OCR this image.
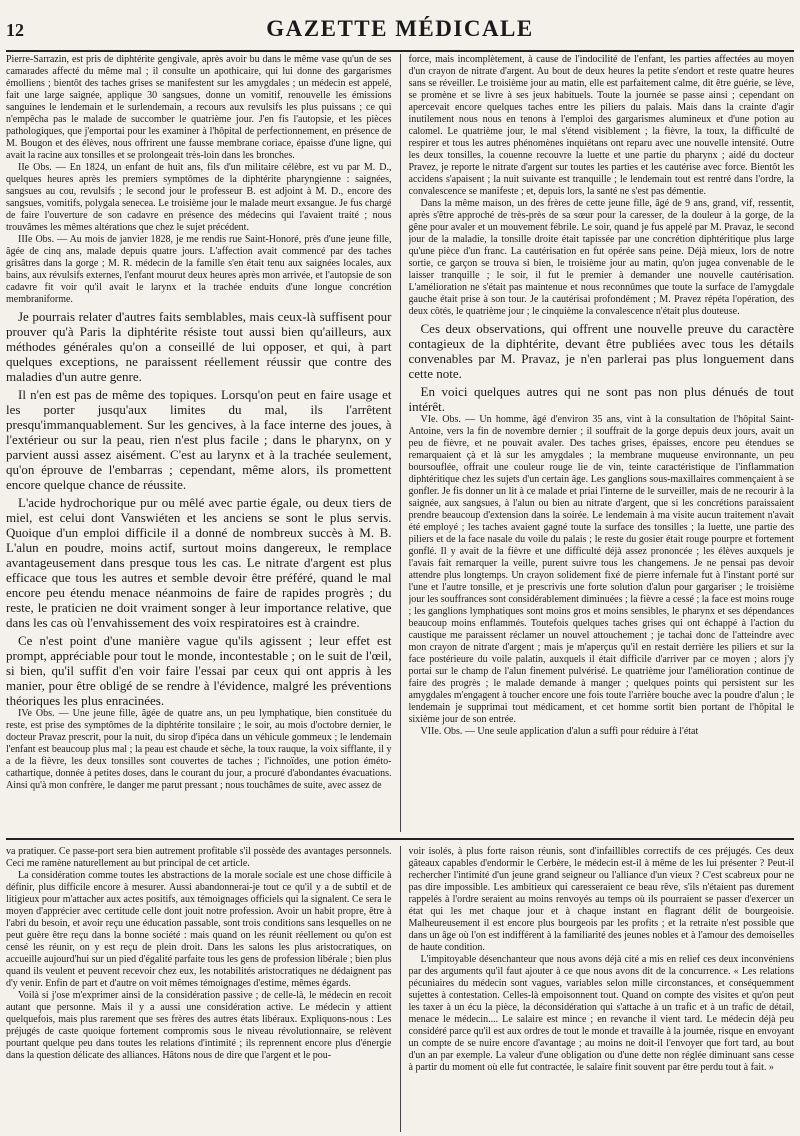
12	GAZETTE MÉDICALE

Pierre-Sarrazin, est pris de diphtérite gengivale, après avoir bu dans le même vase qu'un de ses camarades affecté du même mal ; il consulte un apothicaire, qui lui donne des gargarismes émolliens ; bientôt des taches grises se manifestent sur les amygdales ; un médecin est appelé, fait une large saignée, applique 30 sangsues, donne un vomitif, renouvelle les émissions sanguines le lendemain et le surlendemain, a recours aux revulsifs les plus puissans ; ce qui n'empêcha pas le malade de succomber le quatrième jour. J'en fis l'autopsie, et les pièces pathologiques, que j'emportai pour les examiner à l'hôpital de perfectionnement, en présence de M. Bougon et des élèves, nous offrirent une fausse membrane coriace, épaisse d'une ligne, qui avait la racine aux tonsilles et se prolongeait très-loin dans les bronches.

IIe Obs. — En 1824, un enfant de huit ans, fils d'un militaire célèbre, est vu par M. D., quelques heures après les premiers symptômes de la diphtérite pharyngienne : saignées, sangsues au cou, revulsifs ; le second jour le professeur B. est adjoint à M. D., encore des sangsues, vomitifs, polygala senecea. Le troisième jour le malade meurt exsangue. Je fus chargé de faire l'ouverture de son cadavre en présence des médecins qui l'avaient traité ; nous trouvâmes les mêmes altérations que chez le sujet précédent.

IIIe Obs. — Au mois de janvier 1828, je me rendis rue Saint-Honoré, près d'une jeune fille, âgée de cinq ans, malade depuis quatre jours. L'affection avait commencé par des taches grisâtres dans la gorge ; M. R. médecin de la famille s'en était tenu aux saignées locales, aux bains, aux révulsifs externes, l'enfant mourut deux heures après mon arrivée, et l'autopsie de son cadavre fit voir qu'il avait le larynx et la trachée enduits d'une longue concrétion membraniforme.

Je pourrais relater d'autres faits semblables, mais ceux-là suffisent pour prouver qu'à Paris la diphtérite résiste tout aussi bien qu'ailleurs, aux méthodes générales qu'on a conseillé de lui opposer, et qui, à part quelques exceptions, ne paraissent réellement réussir que contre des maladies d'un autre genre.

Il n'en est pas de même des topiques. Lorsqu'on peut en faire usage et les porter jusqu'aux limites du mal, ils l'arrêtent presqu'immanquablement. Sur les gencives, à la face interne des joues, à l'extérieur ou sur la peau, rien n'est plus facile ; dans le pharynx, on y parvient aussi assez aisément. C'est au larynx et à la trachée seulement, qu'on éprouve de l'embarras ; cependant, même alors, ils promettent encore quelque chance de réussite.

L'acide hydrochorique pur ou mêlé avec partie égale, ou deux tiers de miel, est celui dont Vanswiéten et les anciens se sont le plus servis. Quoique d'un emploi difficile il a donné de nombreux succès à M. B. L'alun en poudre, moins actif, surtout moins dangereux, le remplace avantageusement dans presque tous les cas. Le nitrate d'argent est plus efficace que tous les autres et semble devoir être préféré, quand le mal encore peu étendu menace néanmoins de faire de rapides progrès ; du reste, le praticien ne doit vraiment songer à leur importance relative, que dans les cas où l'envahissement des voix respiratoires est à craindre.

Ce n'est point d'une manière vague qu'ils agissent ; leur effet est prompt, appréciable pour tout le monde, incontestable ; on le suit de l'œil, si bien, qu'il suffit d'en voir faire l'essai par ceux qui ont appris à les manier, pour être obligé de se rendre à l'évidence, malgré les préventions théoriques les plus enracinées.

IVe Obs. — Une jeune fille, âgée de quatre ans, un peu lymphatique, bien constituée du reste, est prise des symptômes de la diphtérite tonsilaire ; le soir, au mois d'octobre dernier, le docteur Pravaz prescrit, pour la nuit, du sirop d'ipéca dans un véhicule gommeux ; le lendemain l'enfant est beaucoup plus mal ; la peau est chaude et sèche, la toux rauque, la voix sifflante, il y a de la fièvre, les deux tonsilles sont couvertes de taches ; l'ichnoïdes, une potion éméto-cathartique, donnée à petites doses, dans le courant du jour, a procuré d'abondantes évacuations. Ainsi qu'à mon confrère, le danger me parut pressant ; nous touchâmes de suite, avec assez de

force, mais incomplètement, à cause de l'indocilité de l'enfant, les parties affectées au moyen d'un crayon de nitrate d'argent. Au bout de deux heures la petite s'endort et reste quatre heures sans se réveiller. Le troisième jour au matin, elle est parfaitement calme, dit être guérie, se lève, se promène et se livre à ses jeux habituels. Toute la journée se passe ainsi ; cependant on apercevait encore quelques taches entre les piliers du palais. Mais dans la crainte d'agir inutilement nous nous en tenons à l'emploi des gargarismes alumineux et d'une potion au calomel. Le quatrième jour, le mal s'étend visiblement ; la fièvre, la toux, la difficulté de respirer et tous les autres phénomènes inquiétans ont reparu avec une nouvelle intensité. Outre les deux tonsilles, la couenne recouvre la luette et une partie du pharynx ; aidé du docteur Pravez, je reporte le nitrate d'argent sur toutes les parties et les cautérise avec force. Bientôt les accidens s'apaisent ; la nuit suivante est tranquille ; le lendemain tout est rentré dans l'ordre, la convalescence se manifeste ; et, depuis lors, la santé ne s'est pas démentie.

Dans la même maison, un des frères de cette jeune fille, âgé de 9 ans, grand, vif, ressentit, après s'être approché de très-près de sa sœur pour la caresser, de la douleur à la gorge, de la gêne pour avaler et un mouvement fébrile. Le soir, quand je fus appelé par M. Pravaz, le second jour de la maladie, la tonsille droite était tapissée par une concrétion diphtéritique plus large qu'une pièce d'un franc. La cautérisation en fut opérée sans peine. Déjà mieux, lors de notre sortie, ce garçon se trouva si bien, le troisième jour au matin, qu'on jugea convenable de le laisser tranquille ; le soir, il fut le premier à demander une nouvelle cautérisation. L'amélioration ne s'était pas maintenue et nous reconnûmes que toute la surface de l'amygdale gauche était prise à son tour. Je la cautérisai profondément ; M. Pravez répéta l'opération, des deux côtés, le quatrième jour ; le cinquième la convalescence n'était plus douteuse.

Ces deux observations, qui offrent une nouvelle preuve du caractère contagieux de la diphtérite, devant être publiées avec tous les détails convenables par M. Pravaz, je n'en parlerai pas plus longuement dans cette note.

En voici quelques autres qui ne sont pas non plus dénués de tout intérêt.

VIe. Obs. — Un homme, âgé d'environ 35 ans, vint à la consultation de l'hôpital Saint-Antoine, vers la fin de novembre dernier ; il souffrait de la gorge depuis deux jours, avait un peu de fièvre, et ne pouvait avaler. Des taches grises, épaisses, encore peu étendues se remarquaient çà et là sur les amygdales ; la membrane muqueuse environnante, un peu boursouflée, offrait une couleur rouge lie de vin, teinte caractéristique de l'inflammation diphtéritique chez les sujets d'un certain âge. Les ganglions sous-maxillaires commençaient à se gonfler. Je fis donner un lit à ce malade et priai l'interne de le surveiller, mais de ne recourir à la saignée, aux sangsues, à l'alun ou bien au nitrate d'argent, que si les concrétions paraissaient prendre beaucoup d'extension dans la soirée. Le lendemain à ma visite aucun traitement n'avait été employé ; les taches avaient gagné toute la surface des tonsilles ; la luette, une partie des piliers et de la face nasale du voile du palais ; le reste du gosier était rouge pourpre et fortement gonflé. Il y avait de la fièvre et une difficulté déjà assez prononcée ; les élèves auxquels je l'avais fait remarquer la veille, purent suivre tous les changemens. Je ne pensai pas devoir attendre plus longtemps. Un crayon solidement fixé de pierre infernale fut à l'instant porté sur l'une et l'autre tonsille, et je prescrivis une forte solution d'alun pour gargariser ; le troisième jour les souffrances sont considérablement diminuées ; la fièvre a cessé ; la face est moins rouge ; les ganglions lymphatiques sont moins gros et moins sensibles, le pharynx et ses dépendances beaucoup moins enflammés. Toutefois quelques taches grises qui ont échappé à l'action du caustique me paraissent réclamer un nouvel attouchement ; je tachai donc de l'atteindre avec mon crayon de nitrate d'argent ; mais je m'aperçus qu'il en restait derrière les piliers et sur la face postérieure du voile palatin, auxquels il était difficile d'arriver par ce moyen ; alors j'y portai sur le champ de l'alun finement pulvérisé. Le quatrième jour l'amélioration continue de faire des progrès ; le malade demande à manger ; quelques points qui persistent sur les amygdales m'engagent à toucher encore une fois toute l'arrière bouche avec la poudre d'alun ; le lendemain je supprimai tout médicament, et cet homme sortit bien portant de l'hôpital le sixième jour de son entrée.

VIIe. Obs. — Une seule application d'alun a suffi pour réduire à l'état

va pratiquer. Ce passe-port sera bien autrement profitable s'il possède des avantages personnels. Ceci me ramène naturellement au but principal de cet article.

La considération comme toutes les abstractions de la morale sociale est une chose difficile à définir, plus difficile encore à mesurer. Aussi abandonnerai-je tout ce qu'il y a de subtil et de litigieux pour m'attacher aux actes positifs, aux témoignages officiels qui la signalent. Ce sera le moyen d'apprécier avec certitude celle dont jouit notre profession. Avoir un habit propre, être à l'abri du besoin, et avoir reçu une éducation passable, sont trois conditions sans lesquelles on ne peut guère être reçu dans la bonne société : mais quand on les réunit réellement ou qu'on est censé les réunir, on y est reçu de plein droit. Dans les salons les plus aristocratiques, on accueille aujourd'hui sur un pied d'égalité parfaite tous les gens de profession libérale ; bien plus quand ils veulent et peuvent recevoir chez eux, les notabilités aristocratiques ne dédaignent pas d'y venir. Enfin de part et d'autre on voit mêmes témoignages d'estime, mêmes égards.

Voilà si j'ose m'exprimer ainsi de la considération passive ; de celle-là, le médecin en recoit autant que personne. Mais il y a aussi une considération active. Le médecin y attient quelquefois, mais plus rarement que ses frères des autres états libéraux. Expliquons-nous : Les préjugés de caste quoique fortement compromis sous le niveau révolutionnaire, se relèvent pourtant quelque peu dans toutes les relations d'intimité ; ils reprennent encore plus d'énergie dans la question délicate des alliances. Hâtons nous de dire que l'argent et le pou-

voir isolés, à plus forte raison réunis, sont d'infaillibles correctifs de ces préjugés. Ces deux gâteaux capables d'endormir le Cerbère, le médecin est-il à même de les lui présenter ? Peut-il rechercher l'intimité d'un jeune grand seigneur ou l'alliance d'un vieux ? C'est scabreux pour ne pas dire impossible. Les ambitieux qui caresseraient ce beau rêve, s'ils n'étaient pas durement rappelés à l'ordre seraient au moins renvoyés au temps où ils pourraient se passer d'exercer un état qui les met chaque jour et à chaque instant en flagrant délit de bourgeoisie. Malheureusement il est encore plus bourgeois par les profits ; et la retraite n'est possible que dans un âge où l'on est indifférent à la familiarité des jeunes nobles et à l'amour des demoiselles de haute condition.

L'impitoyable désenchanteur que nous avons déjà cité a mis en relief ces deux inconvéniens par des arguments qu'il faut ajouter à ce que nous avons dit de la concurrence. « Les relations pécuniaires du médecin sont vagues, variables selon mille circonstances, et conséquemment sujettes à contestation. Celles-là empoisonnent tout. Quand on compte des visites et qu'on peut les taxer à un écu la pièce, la déconsidération qui s'attache à un trafic et à un trafic de détail, menace le médecin.... Le salaire est mince ; en revanche il vient tard. Le médecin déjà peu considéré parce qu'il est aux ordres de tout le monde et travaille à la journée, risque en envoyant un compte de se nuire encore d'avantage ; au moins ne doit-il l'envoyer que fort tard, au bout d'un an par exemple. La valeur d'une obligation ou d'une dette non réglée diminuant sans cesse à partir du moment où elle fut contractée, le salaire finit souvent par être perdu tout à fait. »
